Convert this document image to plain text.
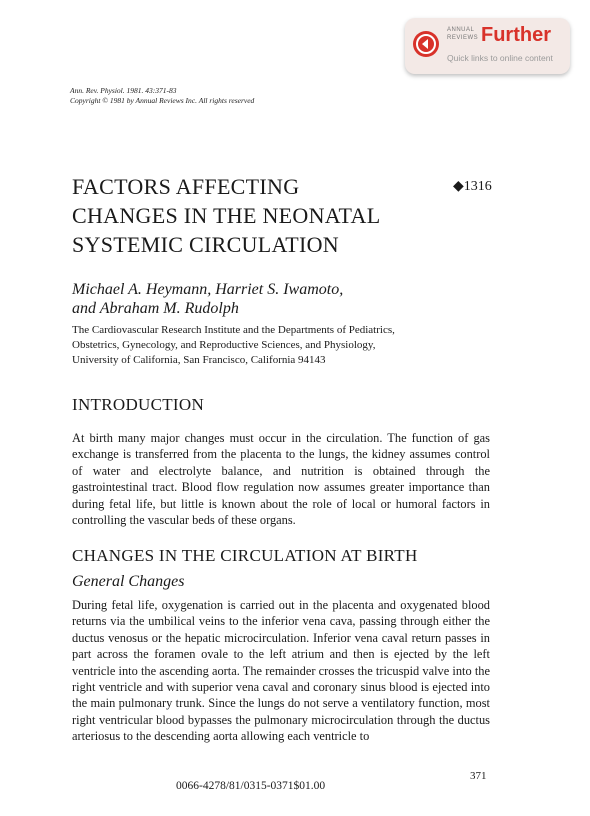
ANNUAL
REVIEWS Further
Quick links to online content
Ann. Rev. Physiol. 1981. 43:371-83
Copyright © 1981 by Annual Reviews Inc. All rights reserved
FACTORS AFFECTING
CHANGES IN THE NEONATAL
SYSTEMIC CIRCULATION
◆1316
Michael A. Heymann, Harriet S. Iwamoto,
and Abraham M. Rudolph
The Cardiovascular Research Institute and the Departments of Pediatrics,
Obstetrics, Gynecology, and Reproductive Sciences, and Physiology,
University of California, San Francisco, California 94143
INTRODUCTION

At birth many major changes must occur in the circulation. The function of gas exchange is transferred from the placenta to the lungs, the kidney assumes control of water and electrolyte balance, and nutrition is obtained through the gastrointestinal tract. Blood flow regulation now assumes greater importance than during fetal life, but little is known about the role of local or humoral factors in controlling the vascular beds of these organs.

CHANGES IN THE CIRCULATION AT BIRTH
General Changes

During fetal life, oxygenation is carried out in the placenta and oxygenated blood returns via the umbilical veins to the inferior vena cava, passing through either the ductus venosus or the hepatic microcirculation. Inferior vena caval return passes in part across the foramen ovale to the left atrium and then is ejected by the left ventricle into the ascending aorta. The remainder crosses the tricuspid valve into the right ventricle and with superior vena caval and coronary sinus blood is ejected into the main pulmonary trunk. Since the lungs do not serve a ventilatory function, most right ventricular blood bypasses the pulmonary microcirculation through the ductus arteriosus to the descending aorta allowing each ventricle to

371
0066-4278/81/0315-0371$01.00
